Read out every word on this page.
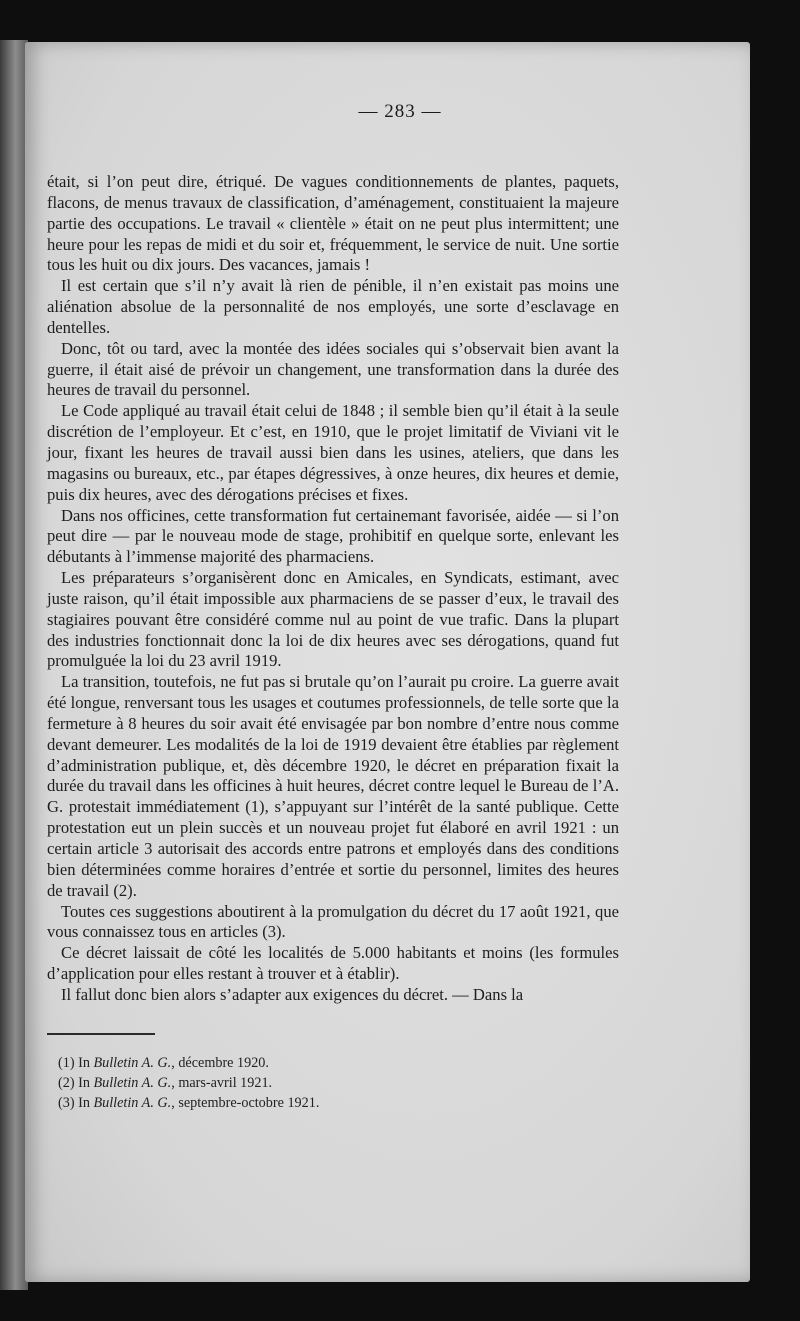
— 283 —

était, si l’on peut dire, étriqué. De vagues conditionnements de plantes, paquets, flacons, de menus travaux de classification, d’aménagement, constituaient la majeure partie des occupations. Le travail « clientèle » était on ne peut plus intermittent; une heure pour les repas de midi et du soir et, fréquemment, le service de nuit. Une sortie tous les huit ou dix jours. Des vacances, jamais !

Il est certain que s’il n’y avait là rien de pénible, il n’en existait pas moins une aliénation absolue de la personnalité de nos employés, une sorte d’esclavage en dentelles.

Donc, tôt ou tard, avec la montée des idées sociales qui s’observait bien avant la guerre, il était aisé de prévoir un changement, une transformation dans la durée des heures de travail du personnel.

Le Code appliqué au travail était celui de 1848 ; il semble bien qu’il était à la seule discrétion de l’employeur. Et c’est, en 1910, que le projet limitatif de Viviani vit le jour, fixant les heures de travail aussi bien dans les usines, ateliers, que dans les magasins ou bureaux, etc., par étapes dégressives, à onze heures, dix heures et demie, puis dix heures, avec des dérogations précises et fixes.

Dans nos officines, cette transformation fut certainemant favorisée, aidée — si l’on peut dire — par le nouveau mode de stage, prohibitif en quelque sorte, enlevant les débutants à l’immense majorité des pharmaciens.

Les préparateurs s’organisèrent donc en Amicales, en Syndicats, estimant, avec juste raison, qu’il était impossible aux pharmaciens de se passer d’eux, le travail des stagiaires pouvant être considéré comme nul au point de vue trafic. Dans la plupart des industries fonctionnait donc la loi de dix heures avec ses dérogations, quand fut promulguée la loi du 23 avril 1919.

La transition, toutefois, ne fut pas si brutale qu’on l’aurait pu croire. La guerre avait été longue, renversant tous les usages et coutumes professionnels, de telle sorte que la fermeture à 8 heures du soir avait été envisagée par bon nombre d’entre nous comme devant demeurer. Les modalités de la loi de 1919 devaient être établies par règlement d’administration publique, et, dès décembre 1920, le décret en préparation fixait la durée du travail dans les officines à huit heures, décret contre lequel le Bureau de l’A. G. protestait immédiatement (1), s’appuyant sur l’intérêt de la santé publique. Cette protestation eut un plein succès et un nouveau projet fut élaboré en avril 1921 : un certain article 3 autorisait des accords entre patrons et employés dans des conditions bien déterminées comme horaires d’entrée et sortie du personnel, limites des heures de travail (2).

Toutes ces suggestions aboutirent à la promulgation du décret du 17 août 1921, que vous connaissez tous en articles (3).

Ce décret laissait de côté les localités de 5.000 habitants et moins (les formules d’application pour elles restant à trouver et à établir).

Il fallut donc bien alors s’adapter aux exigences du décret. — Dans la

(1) In Bulletin A. G., décembre 1920.
(2) In Bulletin A. G., mars-avril 1921.
(3) In Bulletin A. G., septembre-octobre 1921.
